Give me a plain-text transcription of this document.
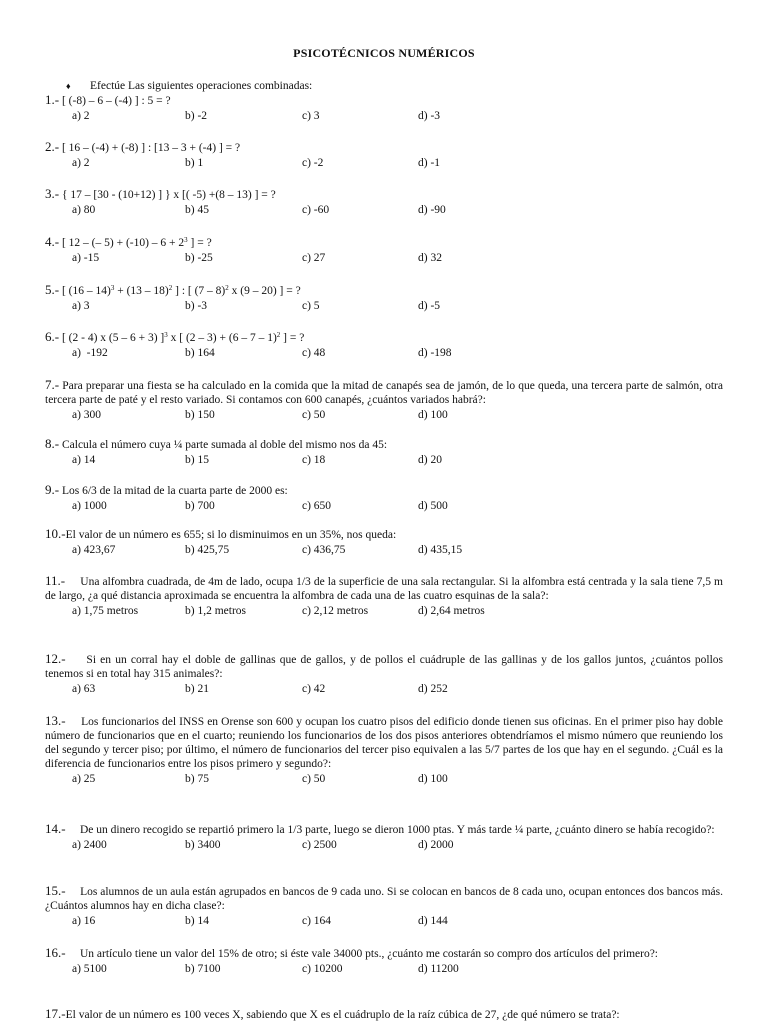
PSICOTÉCNICOS NUMÉRICOS
♦ Efectúe Las siguientes operaciones combinadas:
1.- [ (-8) – 6 – (-4) ] : 5 = ?
a) 2	b) -2	c) 3	d) -3
2.- [ 16 – (-4) + (-8) ] : [13 – 3 + (-4) ] = ?
a) 2	b) 1	c) -2	d) -1
3.- { 17 – [30 - (10+12) ] } x [( -5) +(8 – 13) ] = ?
a) 80	b) 45	c) -60	d) -90
4.- [ 12 – (– $5) + (-10) - 6 + 2^3$ ] = ?
a) -15	b) -25	c) 27	d) 32
5.- [ (16 – 14)$^3$ + (13 – 18)$^2$ ] : [ (7 – 8)$^2$ x (9 – 20) ] = ?
a) 3	b) -3	c) 5	d) -5
6.- [ (2 - 4) x (5 – 6 + 3) ]$^3$ x [ (2 – 3) + (6 – 7 – 1)$^2$ ] = ?
a)  -192	b) 164	c) 48	d) -198
7.- Para preparar una fiesta se ha calculado en la comida que la mitad de canapés sea de jamón, de lo que queda, una tercera parte de salmón, otra tercera parte de paté y el resto variado. Si contamos con 600 canapés, ¿cuántos variados habrá?:
a) 300	b) 150	c) 50	d) 100
8.- Calcula el número cuya ¼ parte sumada al doble del mismo nos da 45:
a) 14	b) 15	c) 18	d) 20
9.- Los 6/3 de la mitad de la cuarta parte de 2000 es:
a) 1000	b) 700	c) 650	d) 500
10.-El valor de un número es 655; si lo disminuimos en un 35%, nos queda:
a) 423,67	b) 425,75	c) 436,75	d) 435,15
11.-     Una alfombra cuadrada, de 4m de lado, ocupa 1/3 de la superficie de una sala rectangular. Si la alfombra está centrada y la sala tiene 7,5 m de largo, ¿a qué distancia aproximada se encuentra la alfombra de cada una de las cuatro esquinas de la sala?:
a) 1,75 metros	b) 1,2 metros	c) 2,12 metros	d) 2,64 metros
12.-     Si en un corral hay el doble de gallinas que de gallos, y de pollos el cuádruple de las gallinas y de los gallos juntos, ¿cuántos pollos tenemos si en total hay 315 animales?:
a) 63	b) 21	c) 42	d) 252
13.-     Los funcionarios del INSS en Orense son 600 y ocupan los cuatro pisos del edificio donde tienen sus oficinas. En el primer piso hay doble número de funcionarios que en el cuarto; reuniendo los funcionarios de los dos pisos anteriores obtendríamos el mismo número que reuniendo los del segundo y tercer piso; por último, el número de funcionarios del tercer piso equivalen a las 5/7 partes de los que hay en el segundo. ¿Cuál es la diferencia de funcionarios entre los pisos primero y segundo?:
a) 25	b) 75	c) 50	d) 100
14.-     De un dinero recogido se repartió primero la 1/3 parte, luego se dieron 1000 ptas. Y más tarde ¼ parte, ¿cuánto dinero se había recogido?:
a) 2400	b) 3400	c) 2500	d) 2000
15.-     Los alumnos de un aula están agrupados en bancos de 9 cada uno. Si se colocan en bancos de 8 cada uno, ocupan entonces dos bancos más. ¿Cuántos alumnos hay en dicha clase?:
a) 16	b) 14	c) 164	d) 144
16.-     Un artículo tiene un valor del 15% de otro; si éste vale 34000 pts., ¿cuánto me costarán so compro dos artículos del primero?:
a) 5100	b) 7100	c) 10200	d) 11200
17.-El valor de un número es 100 veces X, sabiendo que X es el cuádruplo de la raíz cúbica de 27, ¿de qué número se trata?:
